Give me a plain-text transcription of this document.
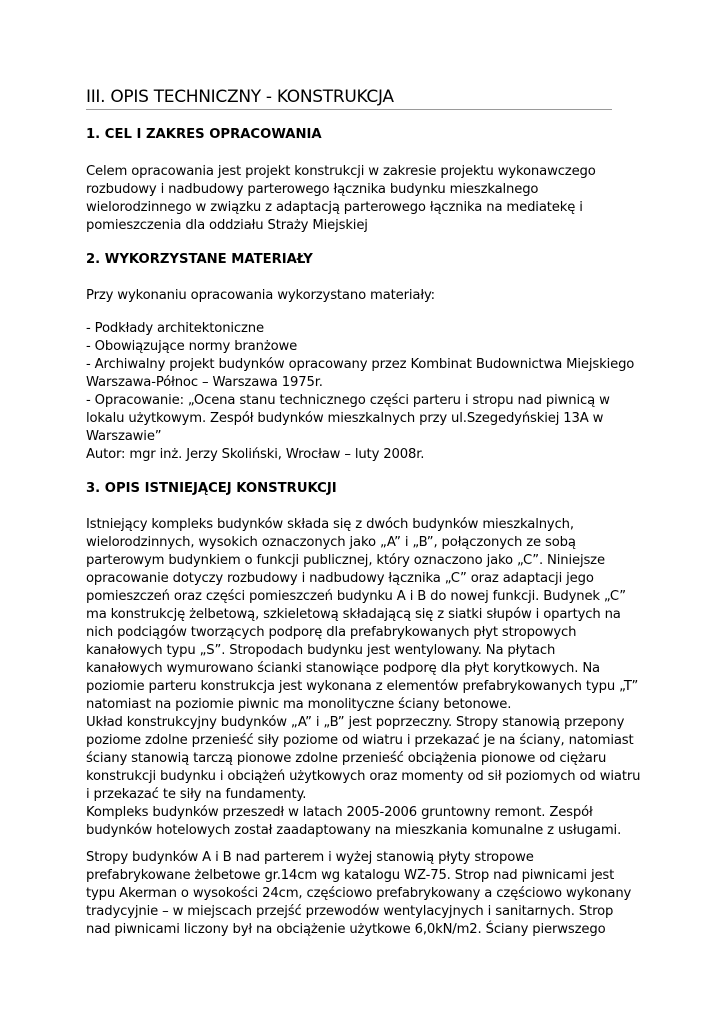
III. OPIS TECHNICZNY - KONSTRUKCJA
1. CEL I ZAKRES OPRACOWANIA
Celem opracowania jest projekt konstrukcji w zakresie projektu wykonawczego
rozbudowy i nadbudowy parterowego łącznika budynku mieszkalnego
wielorodzinnego w związku z adaptacją parterowego łącznika na mediatekę i
pomieszczenia dla oddziału Straży Miejskiej
2. WYKORZYSTANE MATERIAŁY
Przy wykonaniu opracowania wykorzystano materiały:
- Podkłady architektoniczne
- Obowiązujące normy branżowe
- Archiwalny projekt budynków opracowany przez Kombinat Budownictwa Miejskiego
Warszawa-Północ – Warszawa 1975r.
- Opracowanie: „Ocena stanu technicznego części parteru i stropu nad piwnicą w
lokalu użytkowym. Zespół budynków mieszkalnych przy ul.Szegedyńskiej 13A w
Warszawie”
Autor: mgr inż. Jerzy Skoliński, Wrocław – luty 2008r.
3. OPIS ISTNIEJĄCEJ KONSTRUKCJI
Istniejący kompleks budynków składa się z dwóch budynków mieszkalnych,
wielorodzinnych, wysokich oznaczonych jako „A” i „B”, połączonych ze sobą
parterowym budynkiem o funkcji publicznej, który oznaczono jako „C”. Niniejsze
opracowanie dotyczy rozbudowy i nadbudowy łącznika „C” oraz adaptacji jego
pomieszczeń oraz części pomieszczeń budynku A i B do nowej funkcji. Budynek „C”
ma konstrukcję żelbetową, szkieletową składającą się z siatki słupów i opartych na
nich podciągów tworzących podporę dla prefabrykowanych płyt stropowych
kanałowych typu „S”. Stropodach budynku jest wentylowany. Na płytach
kanałowych wymurowano ścianki stanowiące podporę dla płyt korytkowych. Na
poziomie parteru konstrukcja jest wykonana z elementów prefabrykowanych typu „T”
natomiast na poziomie piwnic ma monolityczne ściany betonowe.
Układ konstrukcyjny budynków „A” i „B” jest poprzeczny. Stropy stanowią przepony
poziome zdolne przenieść siły poziome od wiatru i przekazać je na ściany, natomiast
ściany stanowią tarczą pionowe zdolne przenieść obciążenia pionowe od ciężaru
konstrukcji budynku i obciążeń użytkowych oraz momenty od sił poziomych od wiatru
i przekazać te siły na fundamenty.
Kompleks budynków przeszedł w latach 2005-2006 gruntowny remont. Zespół
budynków hotelowych został zaadaptowany na mieszkania komunalne z usługami.
Stropy budynków A i B nad parterem i wyżej stanowią płyty stropowe
prefabrykowane żelbetowe gr.14cm wg katalogu WZ-75. Strop nad piwnicami jest
typu Akerman o wysokości 24cm, częściowo prefabrykowany a częściowo wykonany
tradycyjnie – w miejscach przejść przewodów wentylacyjnych i sanitarnych. Strop
nad piwnicami liczony był na obciążenie użytkowe 6,0kN/m2. Ściany pierwszego
